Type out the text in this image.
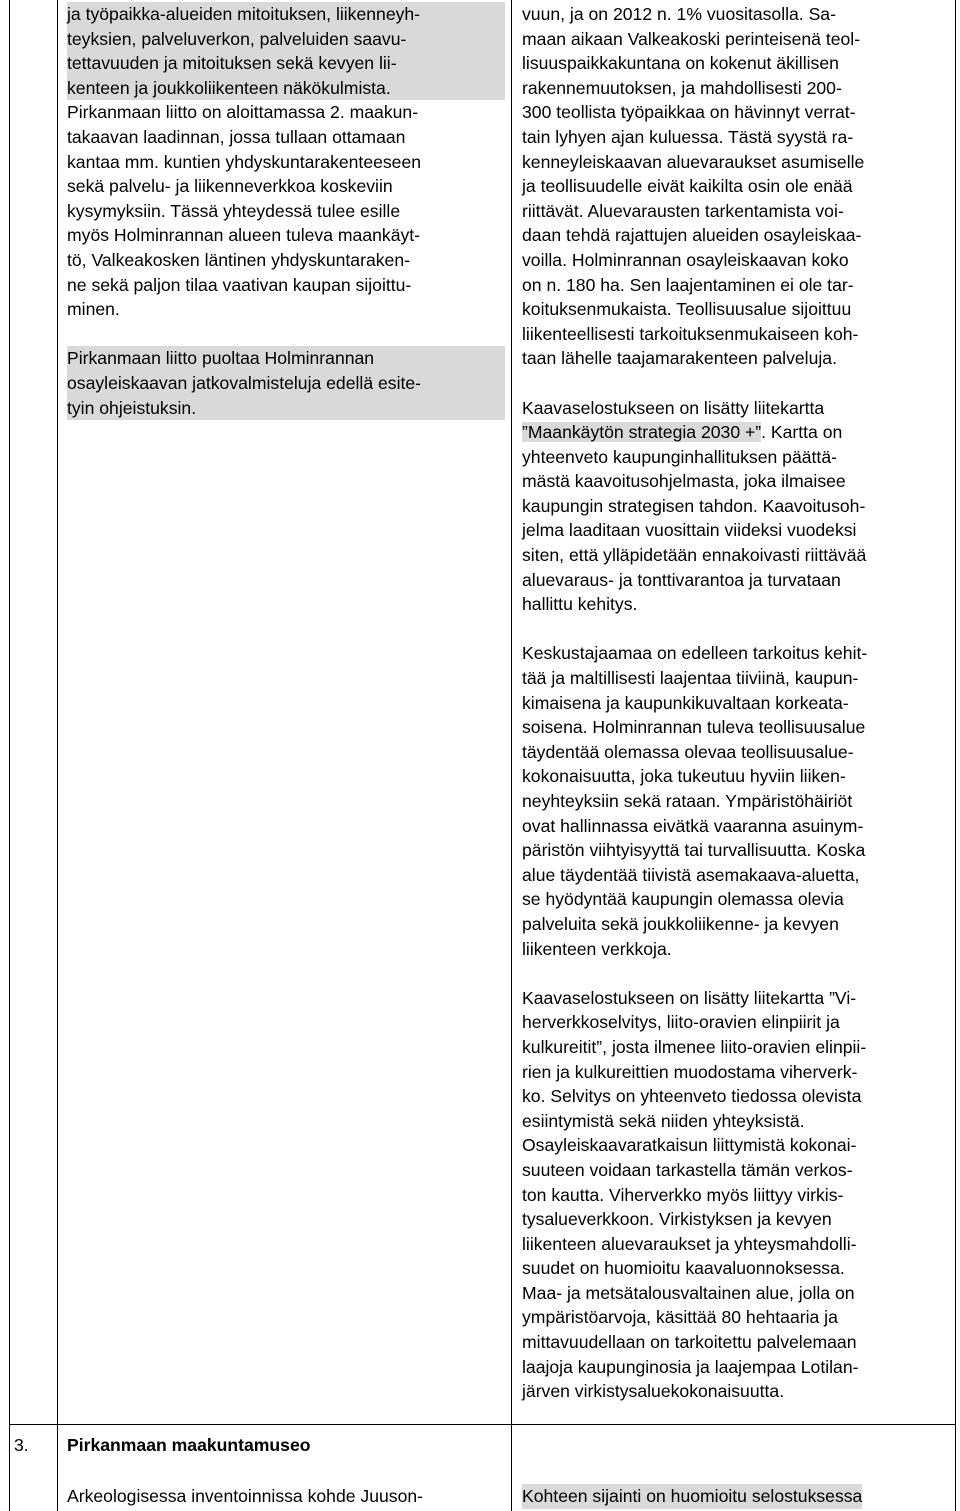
ja työpaikka-alueiden mitoituksen, liikenneyh-

teyksien, palveluverkon, palveluiden saavu-

tettavuuden ja mitoituksen sekä kevyen lii-

kenteen ja joukkoliikenteen näkökulmista.

Pirkanmaan liitto on aloittamassa 2. maakun-

takaavan laadinnan, jossa tullaan ottamaan

kantaa mm. kuntien yhdyskuntarakenteeseen

sekä palvelu- ja liikenneverkkoa koskeviin

kysymyksiin. Tässä yhteydessä tulee esille

myös Holminrannan alueen tuleva maankäyt-

tö, Valkeakosken läntinen yhdyskuntaraken-

ne sekä paljon tilaa vaativan kaupan sijoittu-

minen.

Pirkanmaan liitto puoltaa Holminrannan

osayleiskaavan jatkovalmisteluja edellä esite-

tyin ohjeistuksin.

vuun, ja on 2012 n. 1% vuositasolla. Sa-

maan aikaan Valkeakoski perinteisenä teol-

lisuuspaikkakuntana on kokenut äkillisen

rakennemuutoksen, ja mahdollisesti 200-

300 teollista työpaikkaa on hävinnyt verrat-

tain lyhyen ajan kuluessa. Tästä syystä ra-

kenneyleiskaavan aluevaraukset asumiselle

ja teollisuudelle eivät kaikilta osin ole enää

riittävät. Aluevarausten tarkentamista voi-

daan tehdä rajattujen alueiden osayleiskaa-

voilla. Holminrannan osayleiskaavan koko

on n. 180 ha. Sen laajentaminen ei ole tar-

koituksenmukaista. Teollisuusalue sijoittuu

liikenteellisesti tarkoituksenmukaiseen koh-

taan lähelle taajamarakenteen palveluja.

Kaavaselostukseen on lisätty liitekartta

”Maankäytön strategia 2030 +”. Kartta on

yhteenveto kaupunginhallituksen päättä-

mästä kaavoitusohjelmasta, joka ilmaisee

kaupungin strategisen tahdon. Kaavoitusoh-

jelma laaditaan vuosittain viideksi vuodeksi

siten, että ylläpidetään ennakoivasti riittävää

aluevaraus- ja tonttivarantoa ja turvataan

hallittu kehitys.

Keskustajaamaa on edelleen tarkoitus kehit-

tää ja maltillisesti laajentaa tiiviinä, kaupun-

kimaisena ja kaupunkikuvaltaan korkeata-

soisena. Holminrannan tuleva teollisuusalue

täydentää olemassa olevaa teollisuusalue-

kokonaisuutta, joka tukeutuu hyviin liiken-

neyhteyksiin sekä rataan. Ympäristöhäiriöt

ovat hallinnassa eivätkä vaaranna asuinym-

päristön viihtyisyyttä tai turvallisuutta. Koska

alue täydentää tiivistä asemakaava-aluetta,

se hyödyntää kaupungin olemassa olevia

palveluita sekä joukkoliikenne- ja kevyen

liikenteen verkkoja.

Kaavaselostukseen on lisätty liitekartta ”Vi-

herverkkoselvitys, liito-oravien elinpiirit ja

kulkureitit”, josta ilmenee liito-oravien elinpii-

rien ja kulkureittien muodostama viherverk-

ko. Selvitys on yhteenveto tiedossa olevista

esiintymistä sekä niiden yhteyksistä.

Osayleiskaavaratkaisun liittymistä kokonai-

suuteen voidaan tarkastella tämän verkos-

ton kautta. Viherverkko myös liittyy virkis-

tysalueverkkoon. Virkistyksen ja kevyen

liikenteen aluevaraukset ja yhteysmahdolli-

suudet on huomioitu kaavaluonnoksessa.

Maa- ja metsätalousvaltainen alue, jolla on

ympäristöarvoja, käsittää 80 hehtaaria ja

mittavuudellaan on tarkoitettu palvelemaan

laajoja kaupunginosia ja laajempaa Lotilan-

järven virkistysaluekokonaisuutta.

3. Pirkanmaan maakuntamuseo
Arkeologisessa inventoinnissa kohde Juuson-	Kohteen sijainti on huomioitu selostuksessa
